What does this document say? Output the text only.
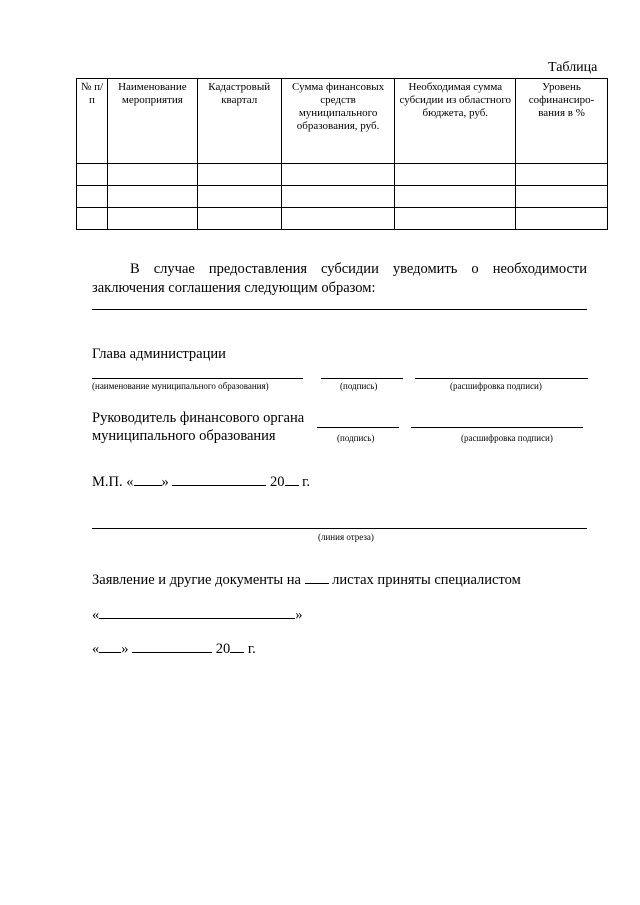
Таблица
№ п/п	Наименование мероприятия	Кадастровый квартал	Сумма финансовых средств муниципального образования, руб.	Необходимая сумма субсидии из областного бюджета, руб.	Уровень софинансиро-вания в %

В случае предоставления субсидии уведомить о необходимости заключения соглашения следующим образом:
Глава администрации
(наименование муниципального образования)	(подпись)	(расшифровка подписи)
Руководитель финансового органа
муниципального образования	(подпись)	(расшифровка подписи)
М.П. « »	20 г.
(линия отреза)
Заявление и другие документы на листах приняты специалистом
«	»
« »	20 г.
